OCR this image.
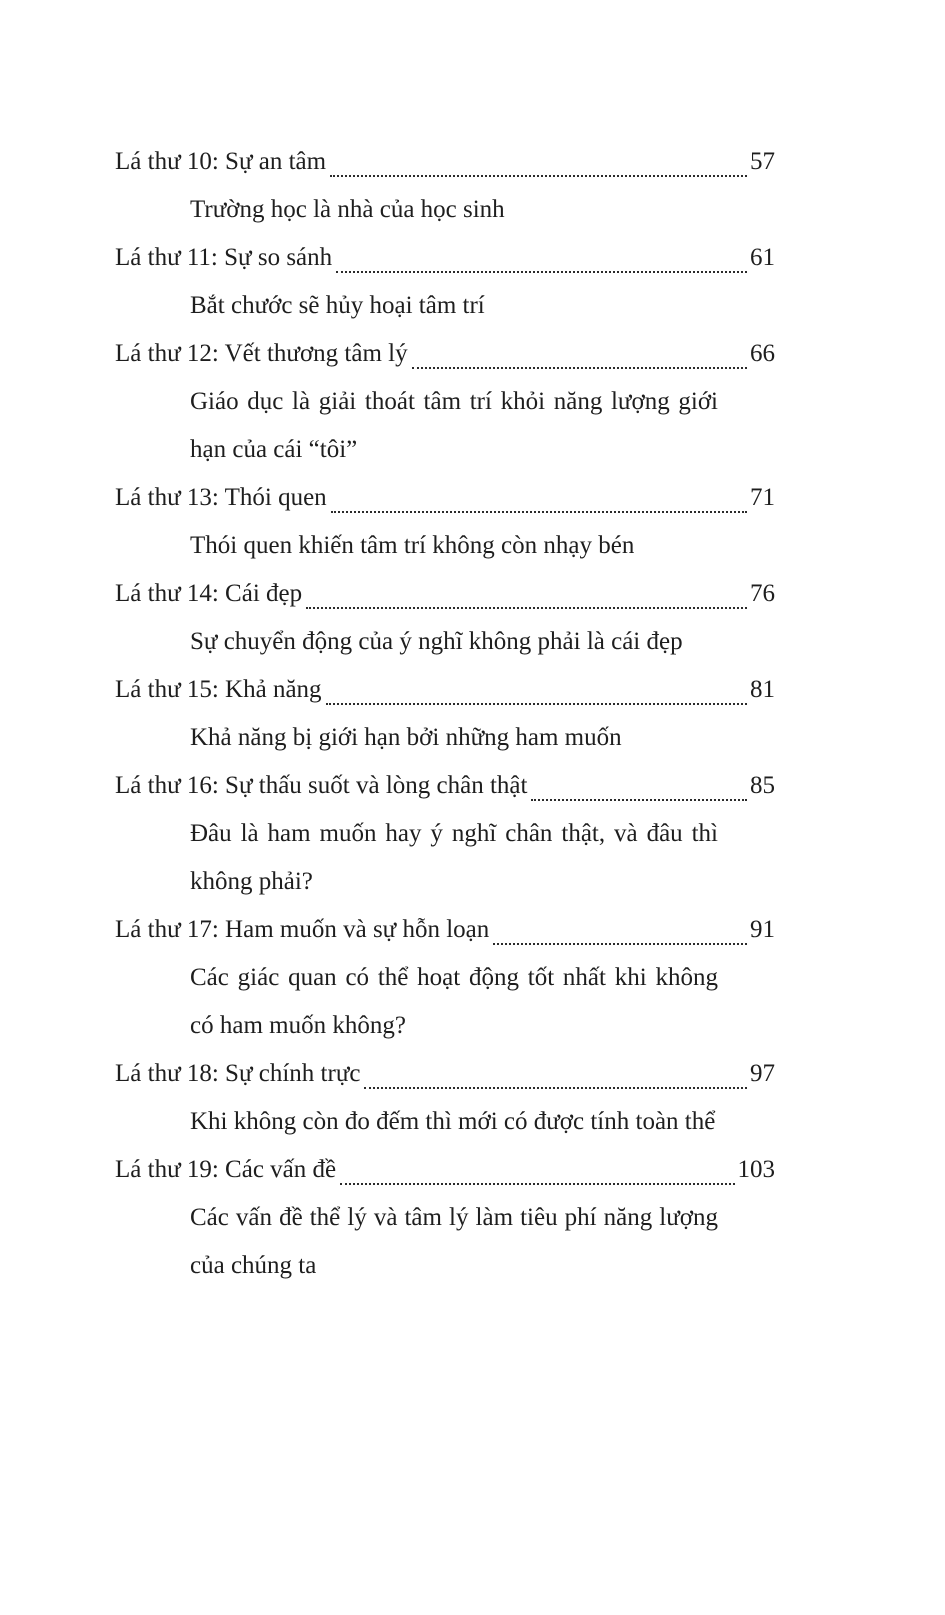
Lá thư 10: Sự an tâm	57
Trường học là nhà của học sinh
Lá thư 11: Sự so sánh	61
Bắt chước sẽ hủy hoại tâm trí
Lá thư 12: Vết thương tâm lý	66
Giáo dục là giải thoát tâm trí khỏi năng lượng giới hạn của cái “tôi”
Lá thư 13: Thói quen	71
Thói quen khiến tâm trí không còn nhạy bén
Lá thư 14: Cái đẹp	76
Sự chuyển động của ý nghĩ không phải là cái đẹp
Lá thư 15: Khả năng	81
Khả năng bị giới hạn bởi những ham muốn
Lá thư 16: Sự thấu suốt và lòng chân thật	85
Đâu là ham muốn hay ý nghĩ chân thật, và đâu thì không phải?
Lá thư 17: Ham muốn và sự hỗn loạn	91
Các giác quan có thể hoạt động tốt nhất khi không có ham muốn không?
Lá thư 18: Sự chính trực	97
Khi không còn đo đếm thì mới có được tính toàn thể
Lá thư 19: Các vấn đề	103
Các vấn đề thể lý và tâm lý làm tiêu phí năng lượng của chúng ta
